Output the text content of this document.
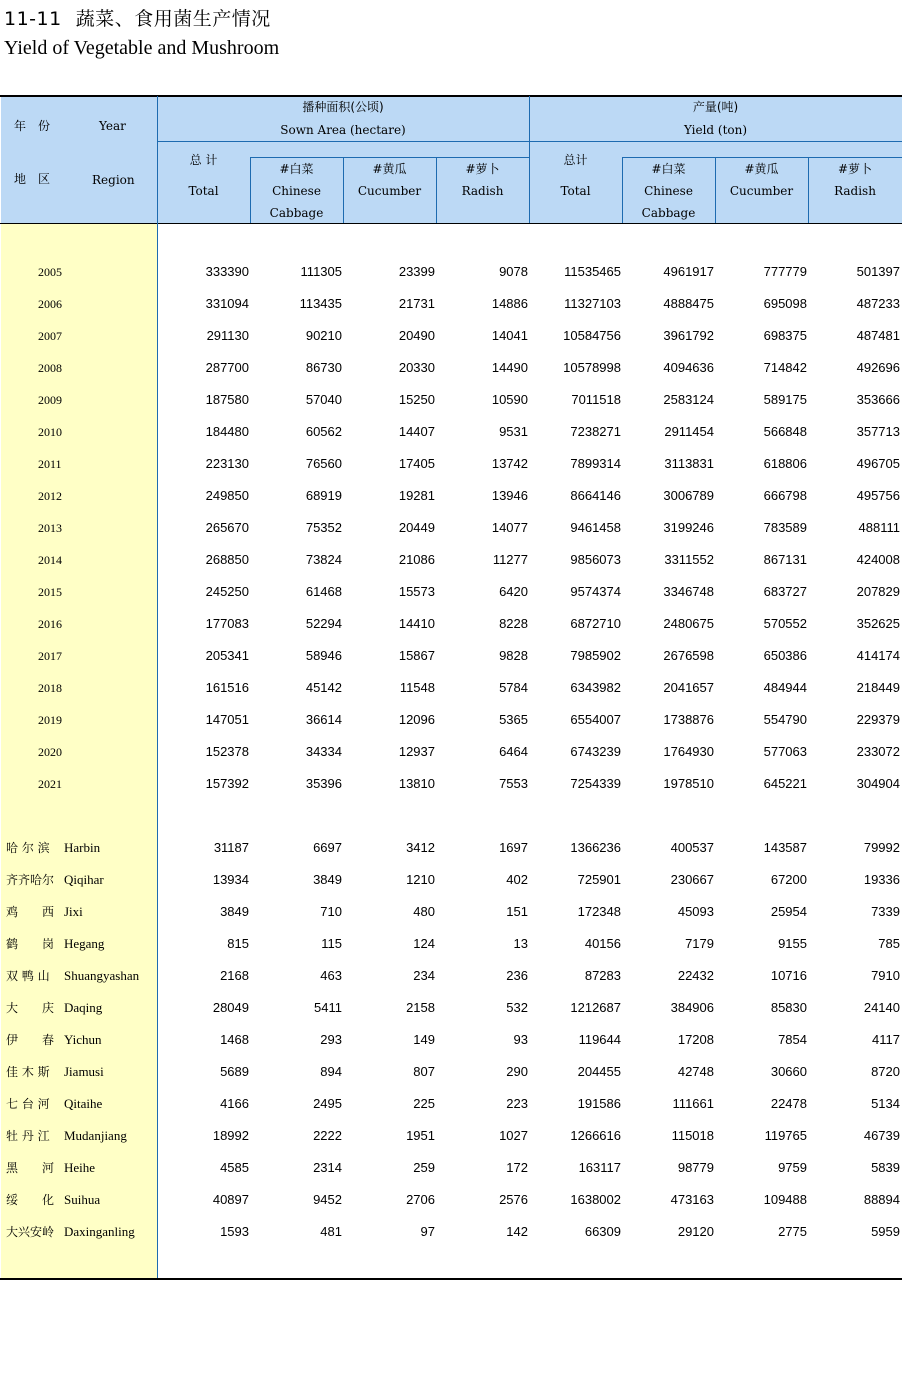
11-11 蔬菜、食用菌生产情况
Yield of Vegetable and Mushroom
年　份	Year
地　区	Region
播种面积(公顷)
Sown Area (hectare)
产量(吨)
Yield (ton)
总 计
Total
#白菜
Chinese
Cabbage
#黄瓜
Cucumber
#萝卜
Radish
总计
Total
#白菜
Chinese
Cabbage
#黄瓜
Cucumber
#萝卜
Radish
2005	333390	111305	23399	9078	11535465	4961917	777779	501397
2006	331094	113435	21731	14886	11327103	4888475	695098	487233
2007	291130	90210	20490	14041	10584756	3961792	698375	487481
2008	287700	86730	20330	14490	10578998	4094636	714842	492696
2009	187580	57040	15250	10590	7011518	2583124	589175	353666
2010	184480	60562	14407	9531	7238271	2911454	566848	357713
2011	223130	76560	17405	13742	7899314	3113831	618806	496705
2012	249850	68919	19281	13946	8664146	3006789	666798	495756
2013	265670	75352	20449	14077	9461458	3199246	783589	488111
2014	268850	73824	21086	11277	9856073	3311552	867131	424008
2015	245250	61468	15573	6420	9574374	3346748	683727	207829
2016	177083	52294	14410	8228	6872710	2480675	570552	352625
2017	205341	58946	15867	9828	7985902	2676598	650386	414174
2018	161516	45142	11548	5784	6343982	2041657	484944	218449
2019	147051	36614	12096	5365	6554007	1738876	554790	229379
2020	152378	34334	12937	6464	6743239	1764930	577063	233072
2021	157392	35396	13810	7553	7254339	1978510	645221	304904
哈 尔 滨 Harbin	31187	6697	3412	1697	1366236	400537	143587	79992
齐齐哈尔 Qiqihar	13934	3849	1210	402	725901	230667	67200	19336
鸡　　西 Jixi	3849	710	480	151	172348	45093	25954	7339
鹤　　岗 Hegang	815	115	124	13	40156	7179	9155	785
双 鸭 山 Shuangyashan	2168	463	234	236	87283	22432	10716	7910
大　　庆 Daqing	28049	5411	2158	532	1212687	384906	85830	24140
伊　　春 Yichun	1468	293	149	93	119644	17208	7854	4117
佳 木 斯 Jiamusi	5689	894	807	290	204455	42748	30660	8720
七 台 河 Qitaihe	4166	2495	225	223	191586	111661	22478	5134
牡 丹 江 Mudanjiang	18992	2222	1951	1027	1266616	115018	119765	46739
黑　　河 Heihe	4585	2314	259	172	163117	98779	9759	5839
绥　　化 Suihua	40897	9452	2706	2576	1638002	473163	109488	88894
大兴安岭 Daxinganling	1593	481	97	142	66309	29120	2775	5959
